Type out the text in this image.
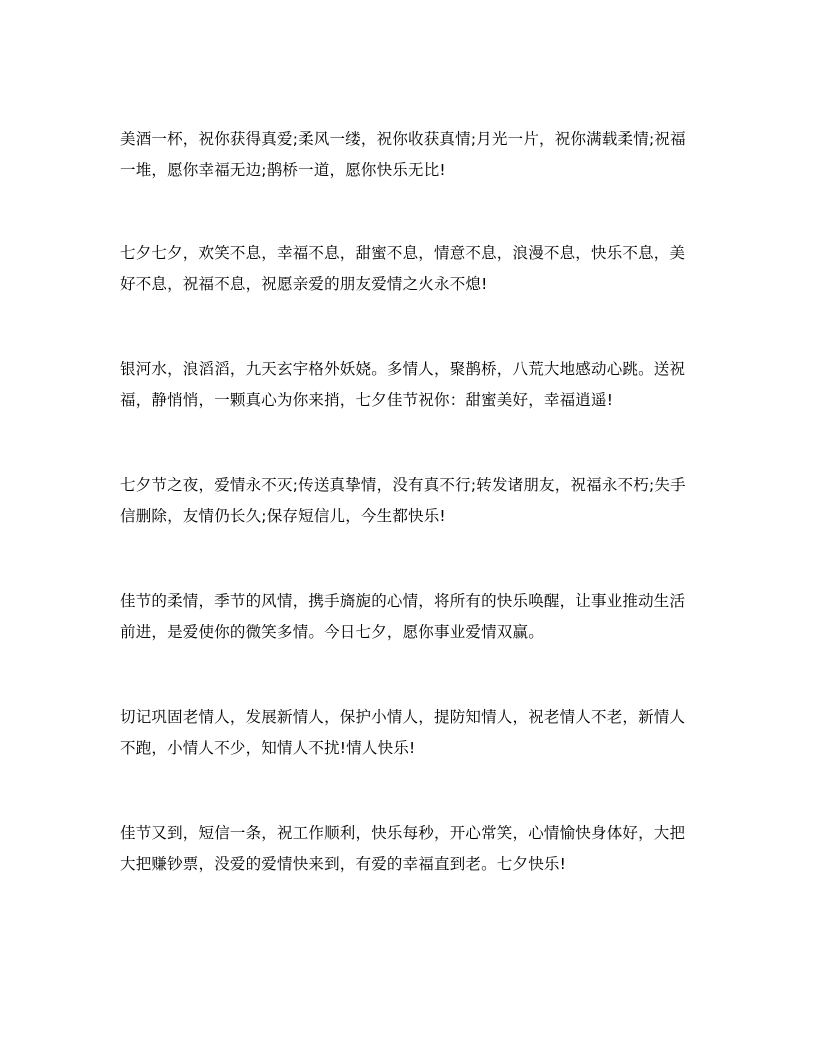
美酒一杯，祝你获得真爱;柔风一缕，祝你收获真情;月光一片，祝你满载柔情;祝福一堆，愿你幸福无边;鹊桥一道，愿你快乐无比!

七夕七夕，欢笑不息，幸福不息，甜蜜不息，情意不息，浪漫不息，快乐不息，美好不息，祝福不息，祝愿亲爱的朋友爱情之火永不熄!

银河水，浪滔滔，九天玄宇格外妖娆。多情人，聚鹊桥，八荒大地感动心跳。送祝福，静悄悄，一颗真心为你来捎，七夕佳节祝你：甜蜜美好，幸福逍遥!

七夕节之夜，爱情永不灭;传送真挚情，没有真不行;转发诸朋友，祝福永不朽;失手信删除，友情仍长久;保存短信儿，今生都快乐!

佳节的柔情，季节的风情，携手旖旎的心情，将所有的快乐唤醒，让事业推动生活前进，是爱使你的微笑多情。今日七夕，愿你事业爱情双赢。

切记巩固老情人，发展新情人，保护小情人，提防知情人，祝老情人不老，新情人不跑，小情人不少，知情人不扰!情人快乐!

佳节又到，短信一条，祝工作顺利，快乐每秒，开心常笑，心情愉快身体好，大把大把赚钞票，没爱的爱情快来到，有爱的幸福直到老。七夕快乐!
